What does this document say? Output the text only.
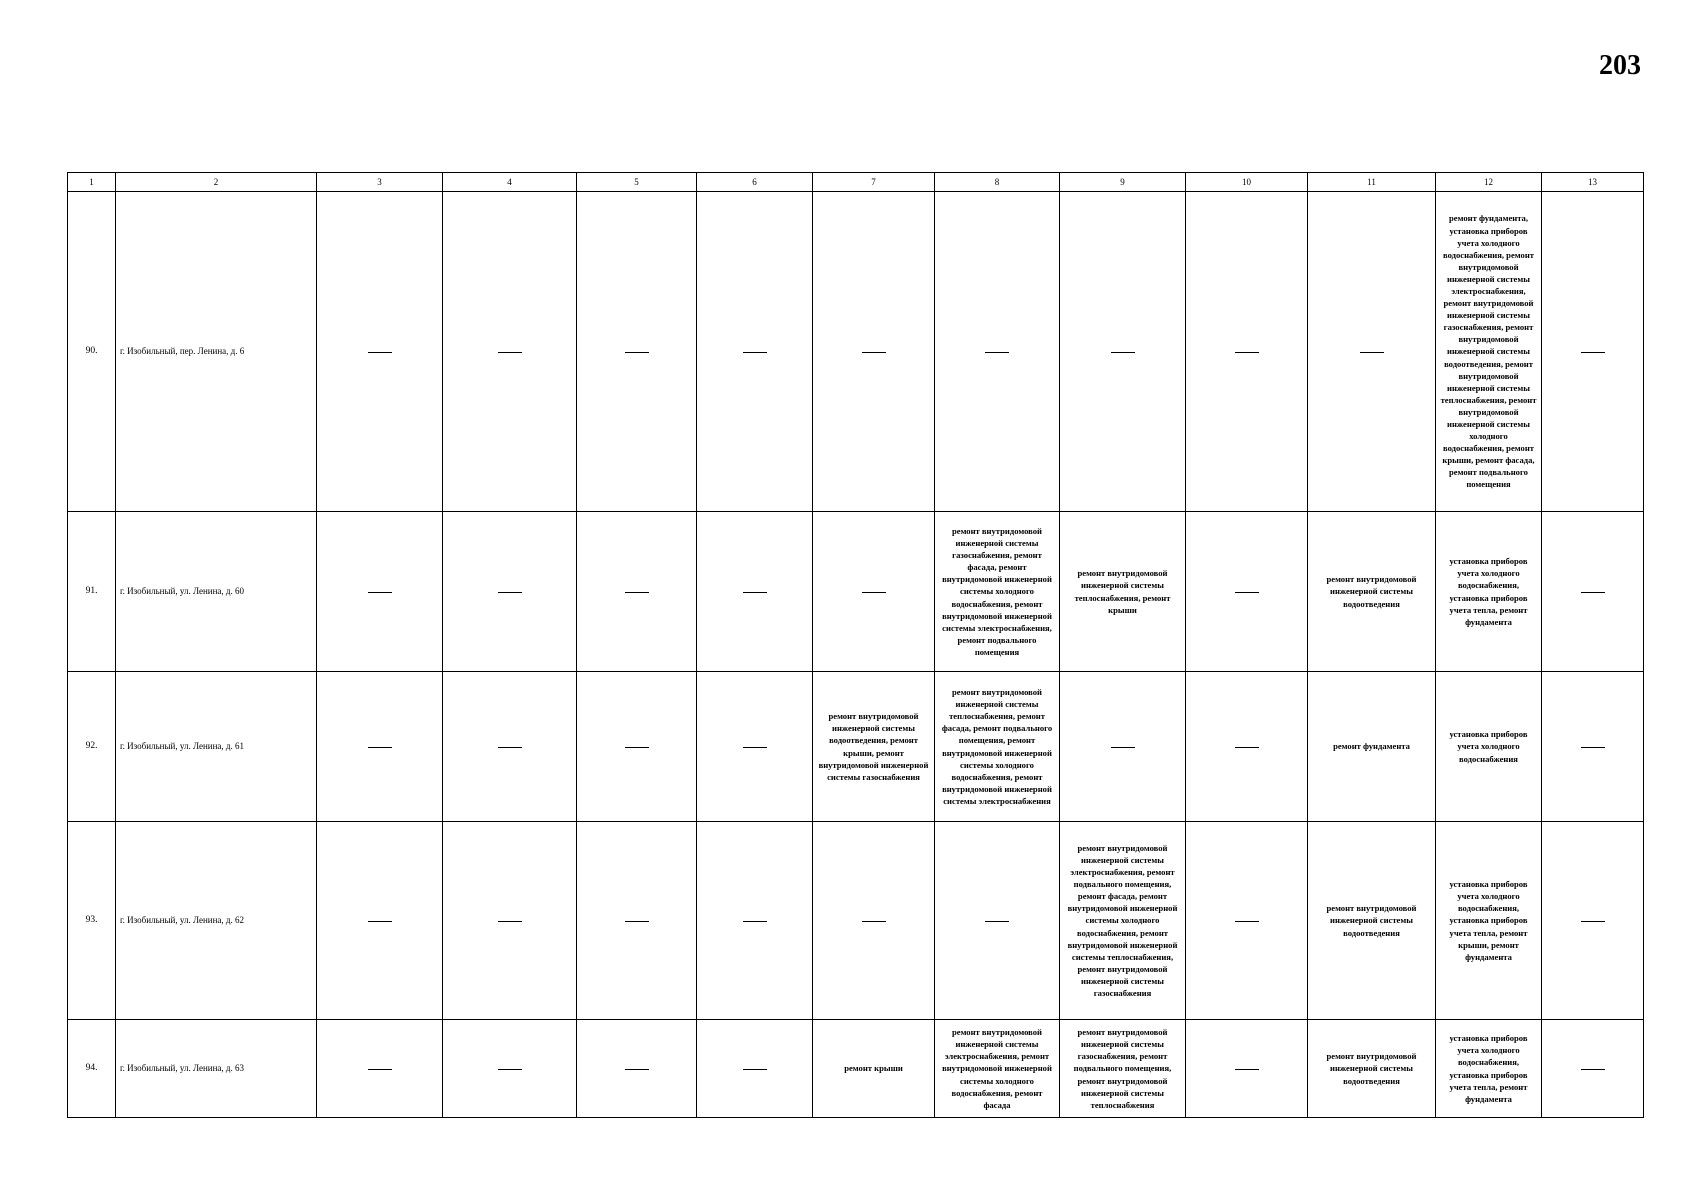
203
1	2	3	4	5	6	7	8	9	10	11	12	13
90.	г. Изобильный, пер. Ленина, д. 6										ремонт фундамента, установка приборов учета холодного водоснабжения, ремонт внутридомовой инженерной системы электроснабжения, ремонт внутридомовой инженерной системы газоснабжения, ремонт внутридомовой инженерной системы водоотведения, ремонт внутридомовой инженерной системы теплоснабжения, ремонт внутридомовой инженерной системы холодного водоснабжения, ремонт крыши, ремонт фасада, ремонт подвального помещения	
91.	г. Изобильный, ул. Ленина, д. 60						ремонт внутридомовой инженерной системы газоснабжения, ремонт фасада, ремонт внутридомовой инженерной системы холодного водоснабжения, ремонт внутридомовой инженерной системы электроснабжения, ремонт подвального помещения	ремонт внутридомовой инженерной системы теплоснабжения, ремонт крыши		ремонт внутридомовой инженерной системы водоотведения	установка приборов учета холодного водоснабжения, установка приборов учета тепла, ремонт фундамента	
92.	г. Изобильный, ул. Ленина, д. 61					ремонт внутридомовой инженерной системы водоотведения, ремонт крыши, ремонт внутридомовой инженерной системы газоснабжения	ремонт внутридомовой инженерной системы теплоснабжения, ремонт фасада, ремонт подвального помещения, ремонт внутридомовой инженерной системы холодного водоснабжения, ремонт внутридомовой инженерной системы электроснабжения			ремонт фундамента	установка приборов учета холодного водоснабжения	
93.	г. Изобильный, ул. Ленина, д. 62							ремонт внутридомовой инженерной системы электроснабжения, ремонт подвального помещения, ремонт фасада, ремонт внутридомовой инженерной системы холодного водоснабжения, ремонт внутридомовой инженерной системы теплоснабжения, ремонт внутридомовой инженерной системы газоснабжения		ремонт внутридомовой инженерной системы водоотведения	установка приборов учета холодного водоснабжения, установка приборов учета тепла, ремонт крыши, ремонт фундамента	
94.	г. Изобильный, ул. Ленина, д. 63					ремонт крыши	ремонт внутридомовой инженерной системы электроснабжения, ремонт внутридомовой инженерной системы холодного водоснабжения, ремонт фасада	ремонт внутридомовой инженерной системы газоснабжения, ремонт подвального помещения, ремонт внутридомовой инженерной системы теплоснабжения		ремонт внутридомовой инженерной системы водоотведения	установка приборов учета холодного водоснабжения, установка приборов учета тепла, ремонт фундамента	
